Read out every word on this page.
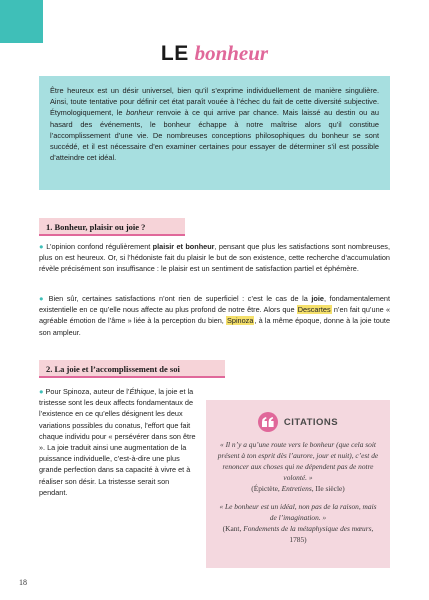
LE bonheur

Être heureux est un désir universel, bien qu’il s’exprime individuellement de manière singulière. Ainsi, toute tentative pour définir cet état paraît vouée à l’échec du fait de cette diversité subjective. Étymologiquement, le bonheur renvoie à ce qui arrive par chance. Mais laissé au destin ou au hasard des événements, le bonheur échappe à notre maîtrise alors qu’il constitue l’accomplissement d’une vie. De nombreuses conceptions philosophiques du bonheur se sont succédé, et il est nécessaire d’en examiner certaines pour essayer de déterminer s’il est possible d’atteindre cet idéal.

1. Bonheur, plaisir ou joie ?

● L’opinion confond régulièrement plaisir et bonheur, pensant que plus les satisfactions sont nombreuses, plus on est heureux. Or, si l’hédoniste fait du plaisir le but de son existence, cette recherche d’accumulation révèle précisément son insuffisance : le plaisir est un sentiment de satisfaction partiel et éphémère.

● Bien sûr, certaines satisfactions n’ont rien de superficiel : c’est le cas de la joie, fondamentalement existentielle en ce qu’elle nous affecte au plus profond de notre être. Alors que Descartes n’en fait qu’une « agréable émotion de l’âme » liée à la perception du bien, Spinoza, à la même époque, donne à la joie toute son ampleur.

2. La joie et l’accomplissement de soi

● Pour Spinoza, auteur de l’Éthique, la joie et la tristesse sont les deux affects fondamentaux de l’existence en ce qu’elles désignent les deux variations possibles du conatus, l’effort que fait chaque individu pour « persévérer dans son être ». La joie traduit ainsi une augmentation de la puissance individuelle, c’est-à-dire une plus grande perfection dans sa capacité à vivre et à réaliser son désir. La tristesse serait son pendant.

CITATIONS

« Il n’y a qu’une route vers le bonheur (que cela soit présent à ton esprit dès l’aurore, jour et nuit), c’est de renoncer aux choses qui ne dépendent pas de notre volonté. »
(Épictète, Entretiens, IIe siècle)

« Le bonheur est un idéal, non pas de la raison, mais de l’imagination. »
(Kant, Fondements de la métaphysique des mœurs, 1785)

18
